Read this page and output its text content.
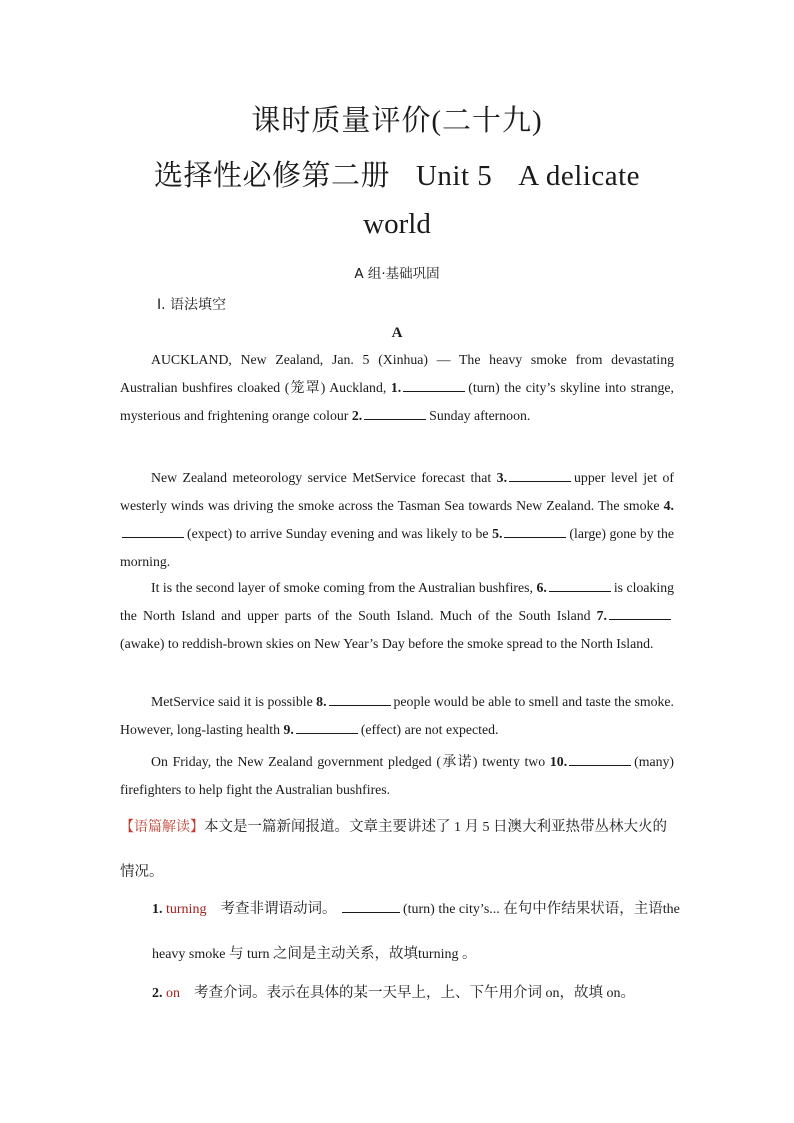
课时质量评价(二十九)
选择性必修第二册 Unit 5 A delicate
world
A 组·基础巩固
Ⅰ. 语法填空
A
AUCKLAND, New Zealand, Jan. 5 (Xinhua) — The heavy smoke from devastating Australian bushfires cloaked (笼罩) Auckland, 1.	(turn) the city’s skyline into strange, mysterious and frightening orange colour 2.	Sunday afternoon.
New Zealand meteorology service MetService forecast that 3.	upper level jet of westerly winds was driving the smoke across the Tasman Sea towards New Zealand. The smoke 4.(expect) to arrive Sunday evening and was likely to be 5.	(large) gone by the morning.
It is the second layer of smoke coming from the Australian bushfires, 6.	is cloaking the North Island and upper parts of the South Island. Much of the South Island 7.(awake) to reddish-brown skies on New Year’s Day before the smoke spread to the North Island.
MetService said it is possible 8.	people would be able to smell and taste the smoke. However, long-lasting health 9.	(effect) are not expected.
On Friday, the New Zealand government pledged (承诺) twenty two 10.	(many) firefighters to help fight the Australian bushfires.
【语篇解读】本文是一篇新闻报道。文章主要讲述了 1 月 5 日澳大利亚热带丛林大火的情况。
1. turning 考查非谓语动词。	(turn) the city’s... 在句中作结果状语，主语the heavy smoke 与 turn 之间是主动关系，故填turning 。
2. on 考查介词。表示在具体的某一天早上，上、下午用介词 on，故填 on。
